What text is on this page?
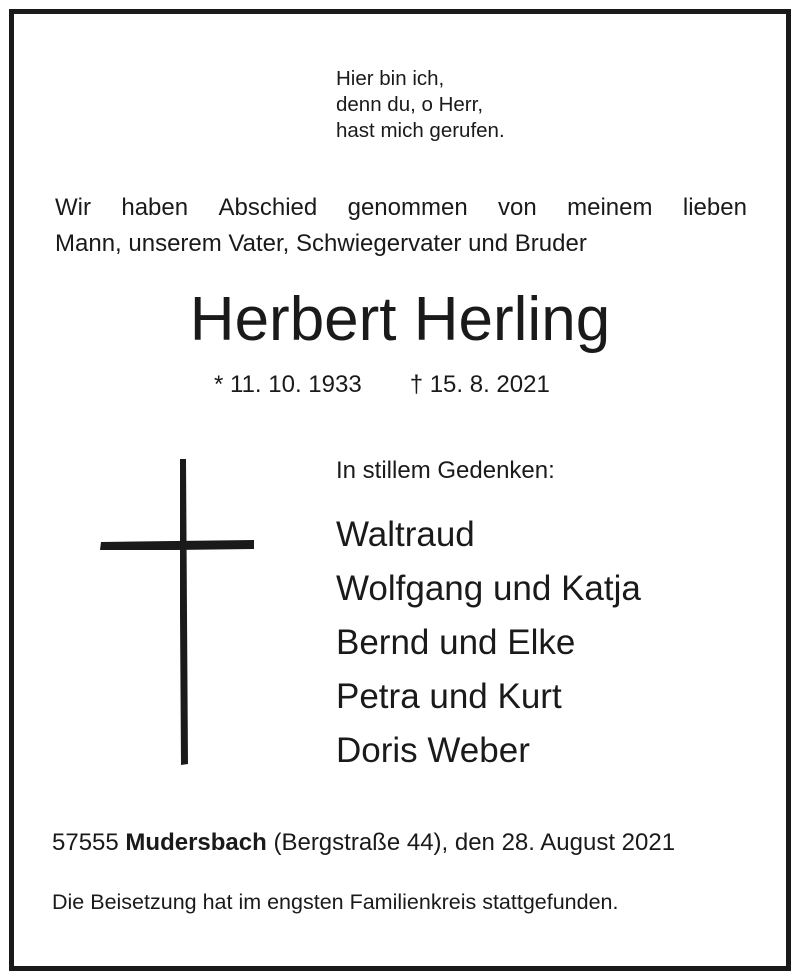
Hier bin ich,
denn du, o Herr,
hast mich gerufen.
Wir haben Abschied genommen von meinem lieben
Mann, unserem Vater, Schwiegervater und Bruder
Herbert Herling
* 11. 10. 1933 † 15. 8. 2021
In stillem Gedenken:
Waltraud
Wolfgang und Katja
Bernd und Elke
Petra und Kurt
Doris Weber
57555 Mudersbach (Bergstraße 44), den 28. August 2021
Die Beisetzung hat im engsten Familienkreis stattgefunden.
